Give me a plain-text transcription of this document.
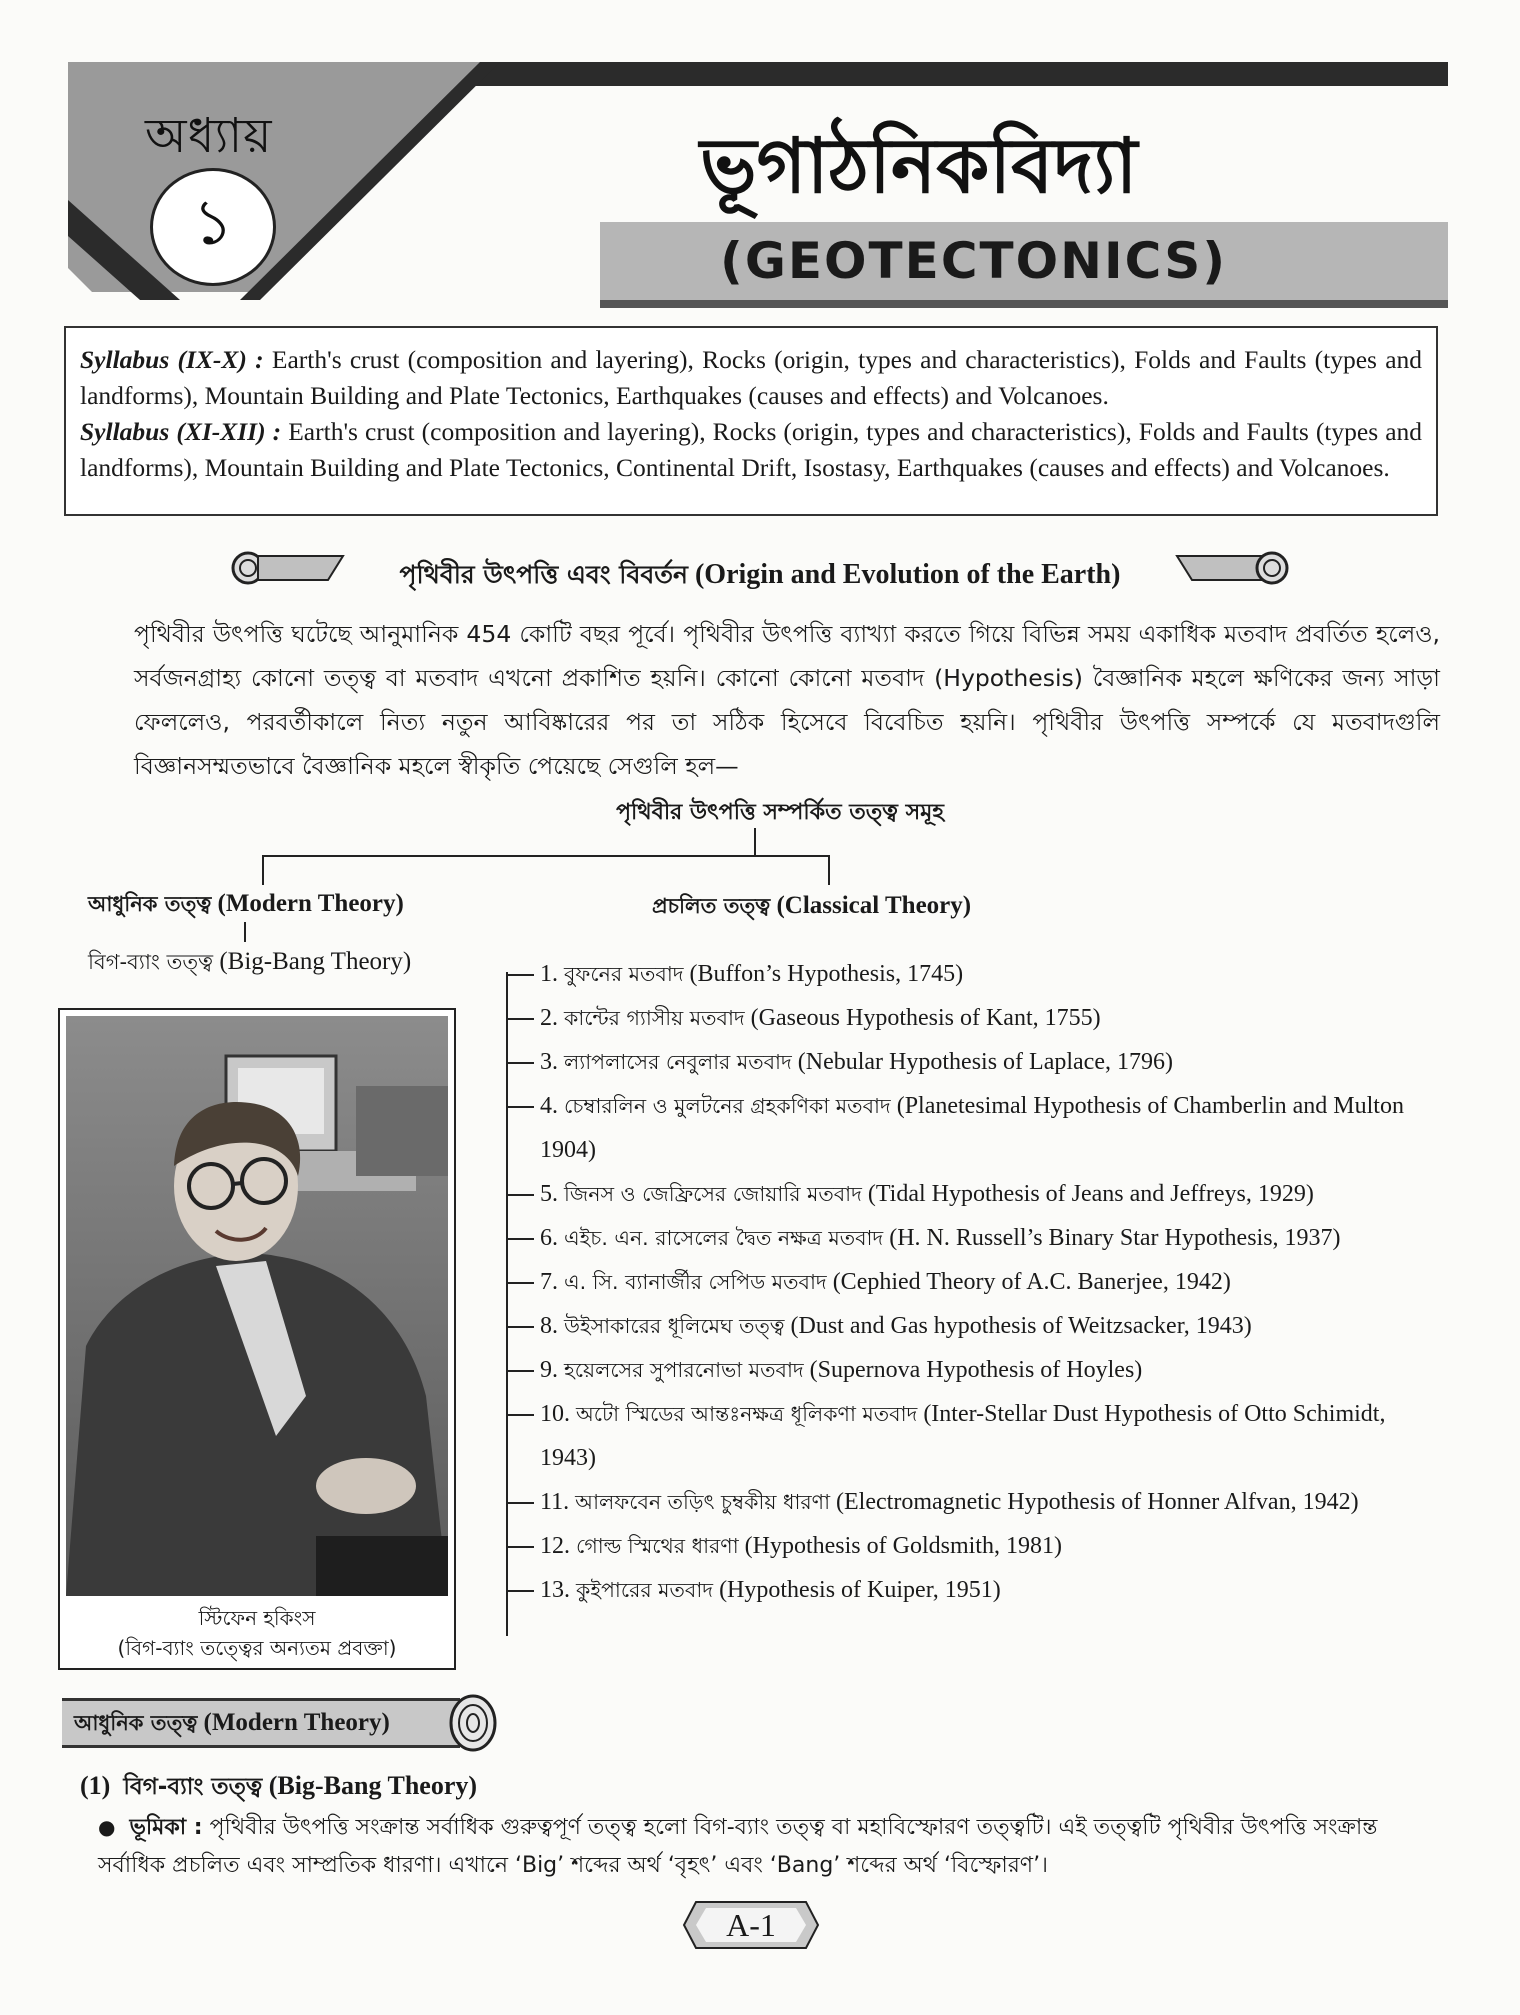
অধ্যায়
১
ভূগাঠনিকবিদ্যা
(GEOTECTONICS)
Syllabus (IX-X) : Earth's crust (composition and layering), Rocks (origin, types and characteristics), Folds and Faults (types and landforms), Mountain Building and Plate Tectonics, Earthquakes (causes and effects) and Volcanoes.
Syllabus (XI-XII) : Earth's crust (composition and layering), Rocks (origin, types and characteristics), Folds and Faults (types and landforms), Mountain Building and Plate Tectonics, Continental Drift, Isostasy, Earthquakes (causes and effects) and Volcanoes.
পৃথিবীর উৎপত্তি এবং বিবর্তন (Origin and Evolution of the Earth)
পৃথিবীর উৎপত্তি ঘটেছে আনুমানিক 454 কোটি বছর পূর্বে। পৃথিবীর উৎপত্তি ব্যাখ্যা করতে গিয়ে বিভিন্ন সময় একাধিক মতবাদ প্রবর্তিত হলেও, সর্বজনগ্রাহ্য কোনো তত্ত্ব বা মতবাদ এখনো প্রকাশিত হয়নি। কোনো কোনো মতবাদ (Hypothesis) বৈজ্ঞানিক মহলে ক্ষণিকের জন্য সাড়া ফেললেও, পরবর্তীকালে নিত্য নতুন আবিষ্কারের পর তা সঠিক হিসেবে বিবেচিত হয়নি। পৃথিবীর উৎপত্তি সম্পর্কে যে মতবাদগুলি বিজ্ঞানসম্মতভাবে বৈজ্ঞানিক মহলে স্বীকৃতি পেয়েছে সেগুলি হল—
পৃথিবীর উৎপত্তি সম্পর্কিত তত্ত্ব সমূহ
আধুনিক তত্ত্ব (Modern Theory)
বিগ-ব্যাং তত্ত্ব (Big-Bang Theory)
প্রচলিত তত্ত্ব (Classical Theory)
স্টিফেন হকিংস
(বিগ-ব্যাং তত্ত্বের অন্যতম প্রবক্তা)
1. বুফনের মতবাদ (Buffon’s Hypothesis, 1745)
2. কান্টের গ্যাসীয় মতবাদ (Gaseous Hypothesis of Kant, 1755)
3. ল্যাপলাসের নেবুলার মতবাদ (Nebular Hypothesis of Laplace, 1796)
4. চেম্বারলিন ও মুলটনের গ্রহকণিকা মতবাদ (Planetesimal Hypothesis of Chamberlin and Multon 1904)
5. জিনস ও জেফ্রিসের জোয়ারি মতবাদ (Tidal Hypothesis of Jeans and Jeffreys, 1929)
6. এইচ. এন. রাসেলের দ্বৈত নক্ষত্র মতবাদ (H. N. Russell’s Binary Star Hypothesis, 1937)
7. এ. সি. ব্যানার্জীর সেপিড মতবাদ (Cephied Theory of A.C. Banerjee, 1942)
8. উইসাকারের ধূলিমেঘ তত্ত্ব (Dust and Gas hypothesis of Weitzsacker, 1943)
9. হয়েলসের সুপারনোভা মতবাদ (Supernova Hypothesis of Hoyles)
10. অটো স্মিডের আন্তঃনক্ষত্র ধূলিকণা মতবাদ (Inter-Stellar Dust Hypothesis of Otto Schimidt, 1943)
11. আলফবেন তড়িৎ চুম্বকীয় ধারণা (Electromagnetic Hypothesis of Honner Alfvan, 1942)
12. গোল্ড স্মিথের ধারণা (Hypothesis of Goldsmith, 1981)
13. কুইপারের মতবাদ (Hypothesis of Kuiper, 1951)
আধুনিক তত্ত্ব (Modern Theory)
(1) বিগ-ব্যাং তত্ত্ব (Big-Bang Theory)
● ভূমিকা : পৃথিবীর উৎপত্তি সংক্রান্ত সর্বাধিক গুরুত্বপূর্ণ তত্ত্ব হলো বিগ-ব্যাং তত্ত্ব বা মহাবিস্ফোরণ তত্ত্বটি। এই তত্ত্বটি পৃথিবীর উৎপত্তি সংক্রান্ত সর্বাধিক প্রচলিত এবং সাম্প্রতিক ধারণা। এখানে ‘Big’ শব্দের অর্থ ‘বৃহৎ’ এবং ‘Bang’ শব্দের অর্থ ‘বিস্ফোরণ’।
A-1
